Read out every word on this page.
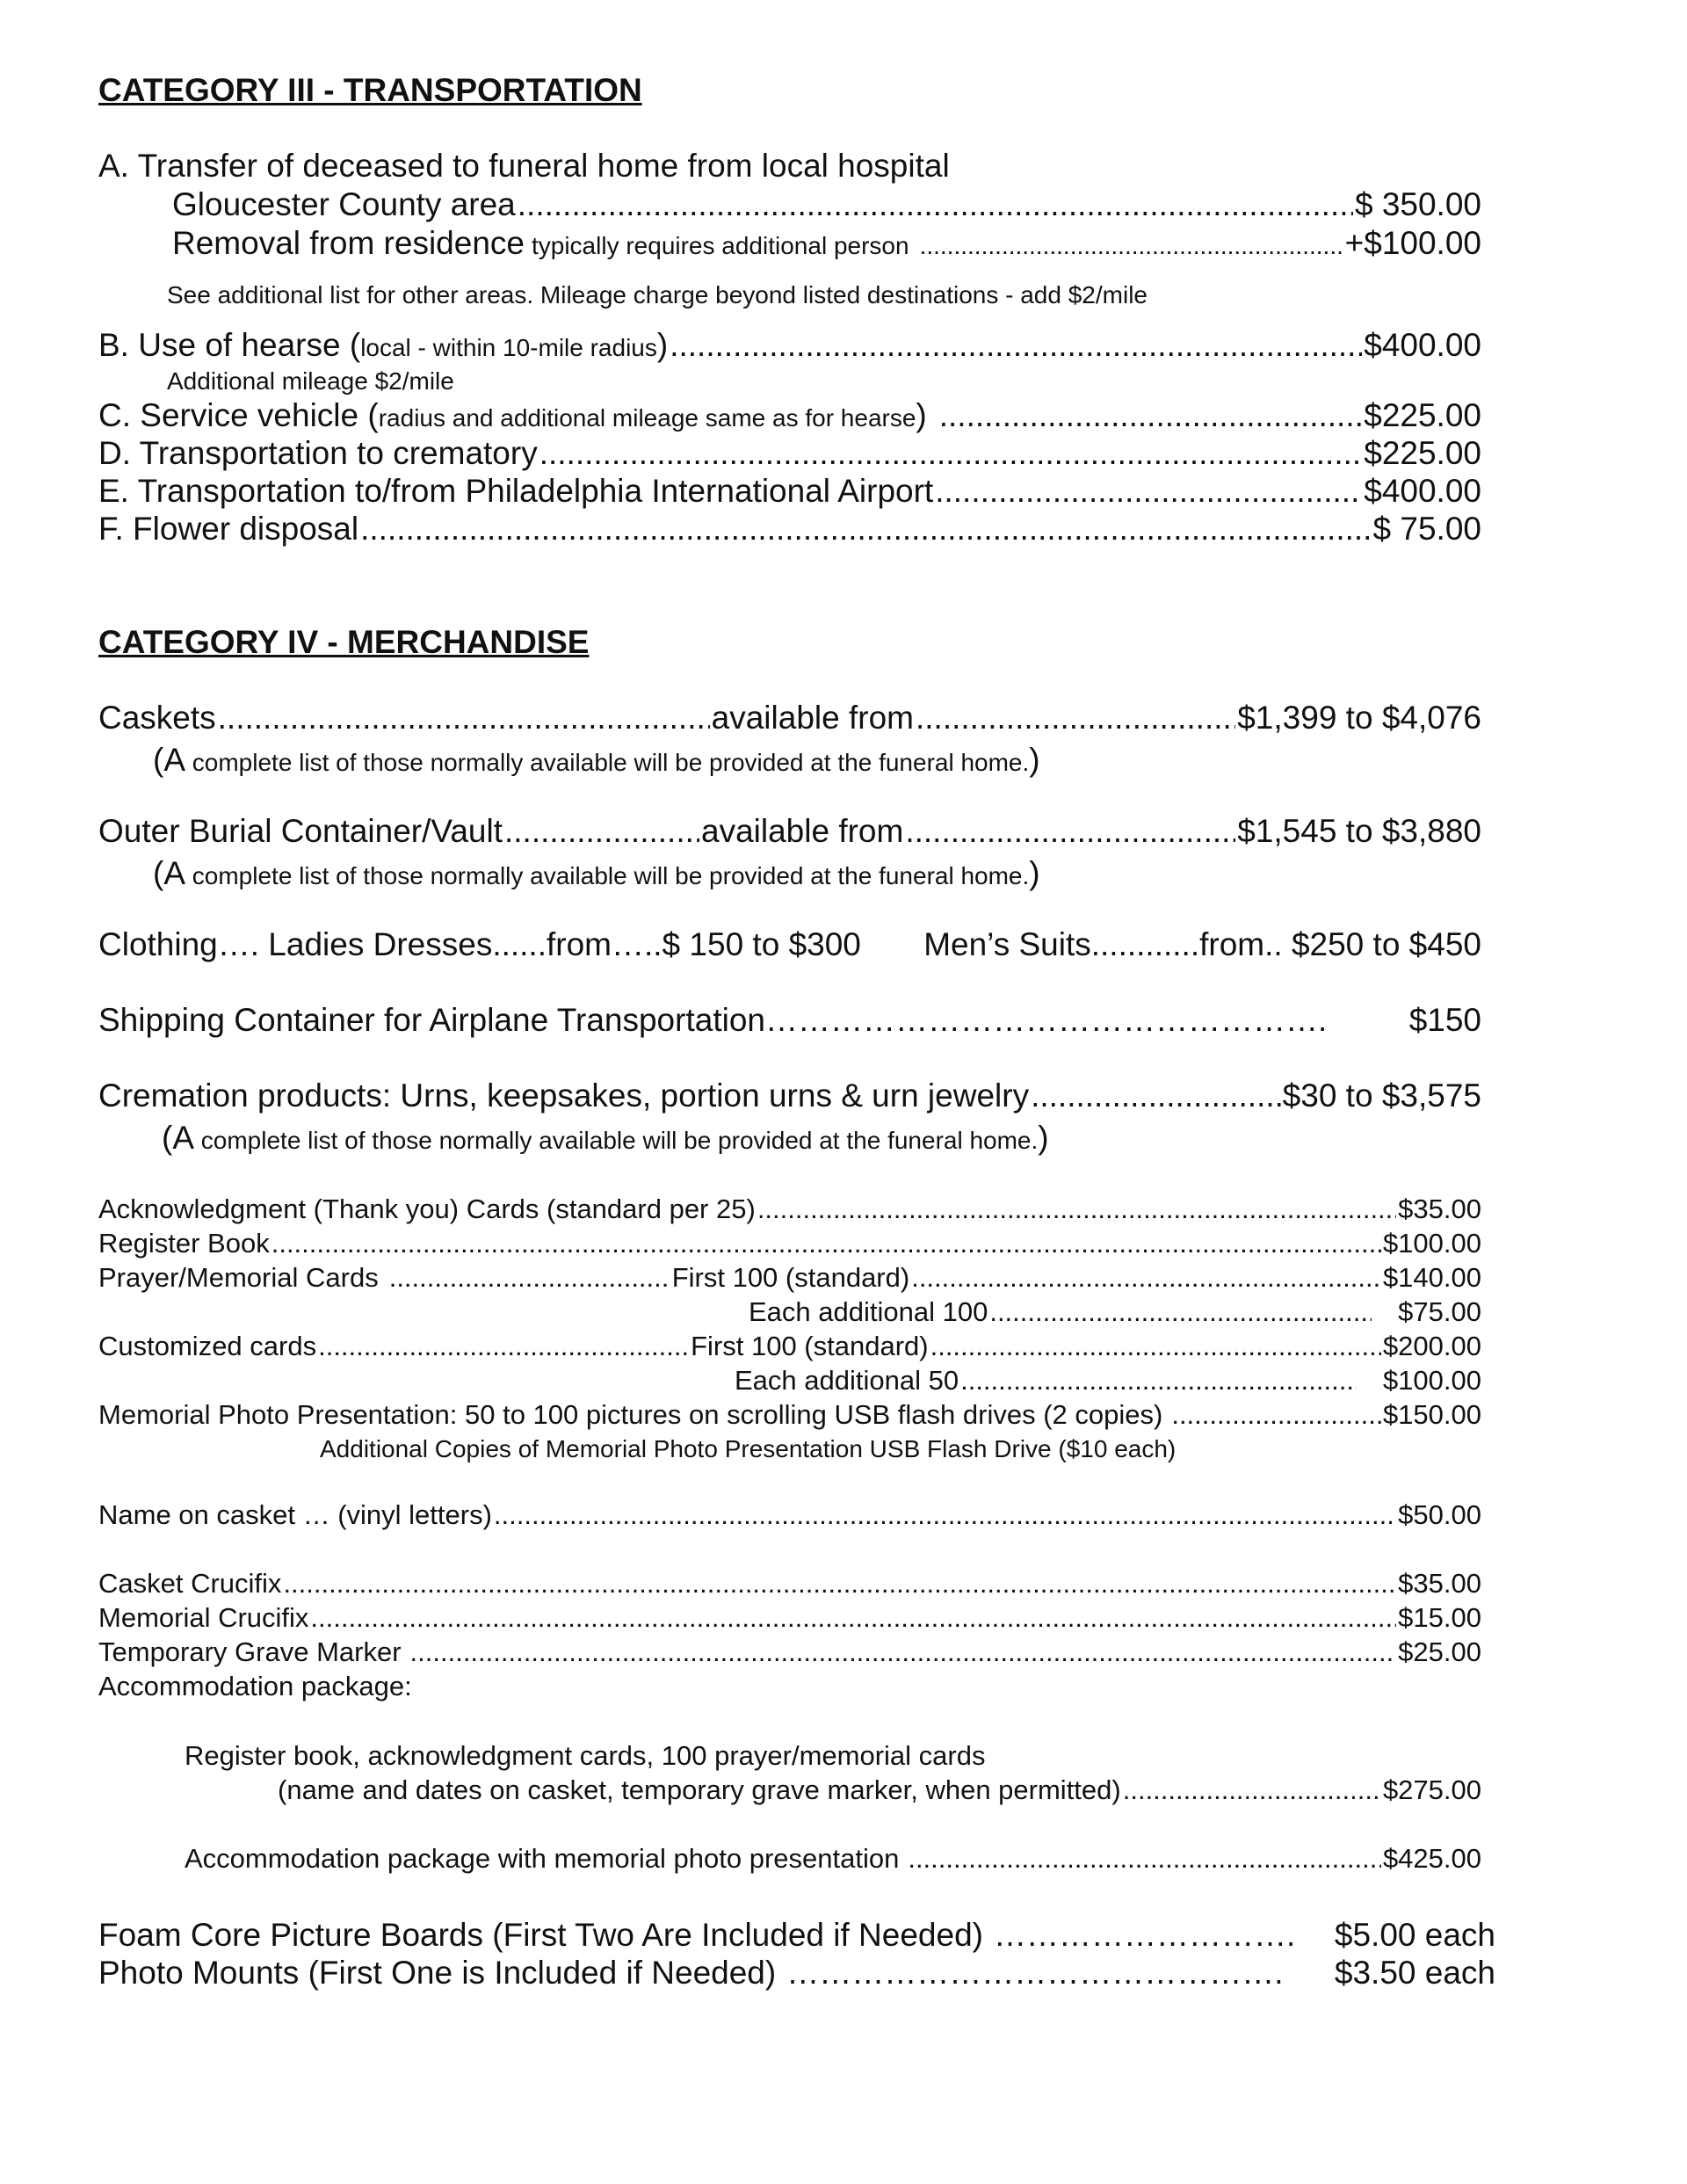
CATEGORY III - TRANSPORTATION
A. Transfer of deceased to funeral home from local hospital
Gloucester County area .....	$ 350.00
Removal from residence typically requires additional person .....	+$100.00
See additional list for other areas. Mileage charge beyond listed destinations - add $2/mile
B. Use of hearse ( local - within 10-mile radius ) .....	$400.00
Additional mileage $2/mile
C. Service vehicle ( radius and additional mileage same as for hearse ) .....	$225.00
D. Transportation to crematory .....	$225.00
E. Transportation to/from Philadelphia International Airport .....	$400.00
F. Flower disposal .....	$ 75.00
CATEGORY IV - MERCHANDISE
Caskets .....	available from .....	$1,399 to $4,076
(A complete list of those normally available will be provided at the funeral home.)
Outer Burial Container/Vault .....	available from .....	$1,545 to $3,880
(A complete list of those normally available will be provided at the funeral home.)
Clothing…. Ladies Dresses......from…..$ 150 to $300 Men’s Suits............from.. $250 to $450
Shipping Container for Airplane Transportation …………………………………………….	$150
Cremation products: Urns, keepsakes, portion urns & urn jewelry .....	$30 to $3,575
(A complete list of those normally available will be provided at the funeral home.)
Acknowledgment (Thank you) Cards (standard per 25) .....	$35.00
Register Book .....	$100.00
Prayer/Memorial Cards .....	First 100 (standard) .....	$140.00
Each additional 100 .....	$75.00
Customized cards .....	First 100 (standard) .....	$200.00
Each additional 50 .....	$100.00
Memorial Photo Presentation: 50 to 100 pictures on scrolling USB flash drives (2 copies) .....	$150.00
Additional Copies of Memorial Photo Presentation USB Flash Drive ($10 each)
Name on casket … (vinyl letters) .....	$50.00
Casket Crucifix .....	$35.00
Memorial Crucifix .....	$15.00
Temporary Grave Marker .....	$25.00
Accommodation package:
Register book, acknowledgment cards, 100 prayer/memorial cards
(name and dates on casket, temporary grave marker, when permitted) .....	$275.00
Accommodation package with memorial photo presentation .....	$425.00
Foam Core Picture Boards (First Two Are Included if Needed) ……………………….	$5.00 each
Photo Mounts (First One is Included if Needed) ……………………………………….	$3.50 each
